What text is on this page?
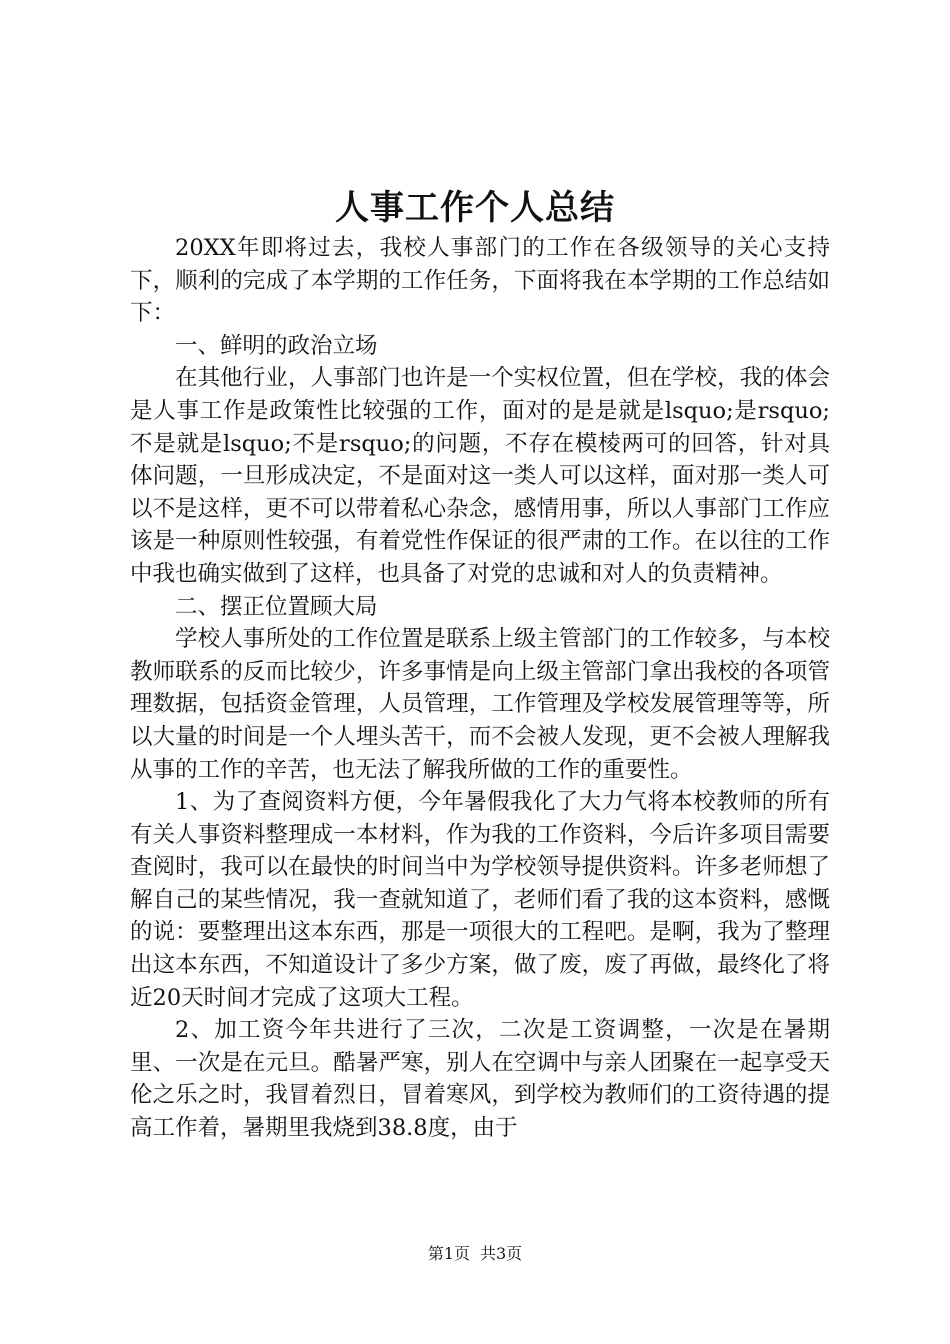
人事工作个人总结

20XX年即将过去，我校人事部门的工作在各级领导的关心支持下，顺利的完成了本学期的工作任务，下面将我在本学期的工作总结如下：

一、鲜明的政治立场

在其他行业，人事部门也许是一个实权位置，但在学校，我的体会是人事工作是政策性比较强的工作，面对的是是就是lsquo;是rsquo;不是就是lsquo;不是rsquo;的问题，不存在模棱两可的回答，针对具体问题，一旦形成决定，不是面对这一类人可以这样，面对那一类人可以不是这样，更不可以带着私心杂念，感情用事，所以人事部门工作应该是一种原则性较强，有着党性作保证的很严肃的工作。在以往的工作中我也确实做到了这样，也具备了对党的忠诚和对人的负责精神。

二、摆正位置顾大局

学校人事所处的工作位置是联系上级主管部门的工作较多，与本校教师联系的反而比较少，许多事情是向上级主管部门拿出我校的各项管理数据，包括资金管理，人员管理，工作管理及学校发展管理等等，所以大量的时间是一个人埋头苦干，而不会被人发现，更不会被人理解我从事的工作的辛苦，也无法了解我所做的工作的重要性。

1、为了查阅资料方便，今年暑假我化了大力气将本校教师的所有有关人事资料整理成一本材料，作为我的工作资料，今后许多项目需要查阅时，我可以在最快的时间当中为学校领导提供资料。许多老师想了解自己的某些情况，我一查就知道了，老师们看了我的这本资料，感慨的说：要整理出这本东西，那是一项很大的工程吧。是啊，我为了整理出这本东西，不知道设计了多少方案，做了废，废了再做，最终化了将近20天时间才完成了这项大工程。

2、加工资今年共进行了三次，二次是工资调整，一次是在暑期里、一次是在元旦。酷暑严寒，别人在空调中与亲人团聚在一起享受天伦之乐之时，我冒着烈日，冒着寒风，到学校为教师们的工资待遇的提高工作着，暑期里我烧到38.8度，由于

第1页 共3页
